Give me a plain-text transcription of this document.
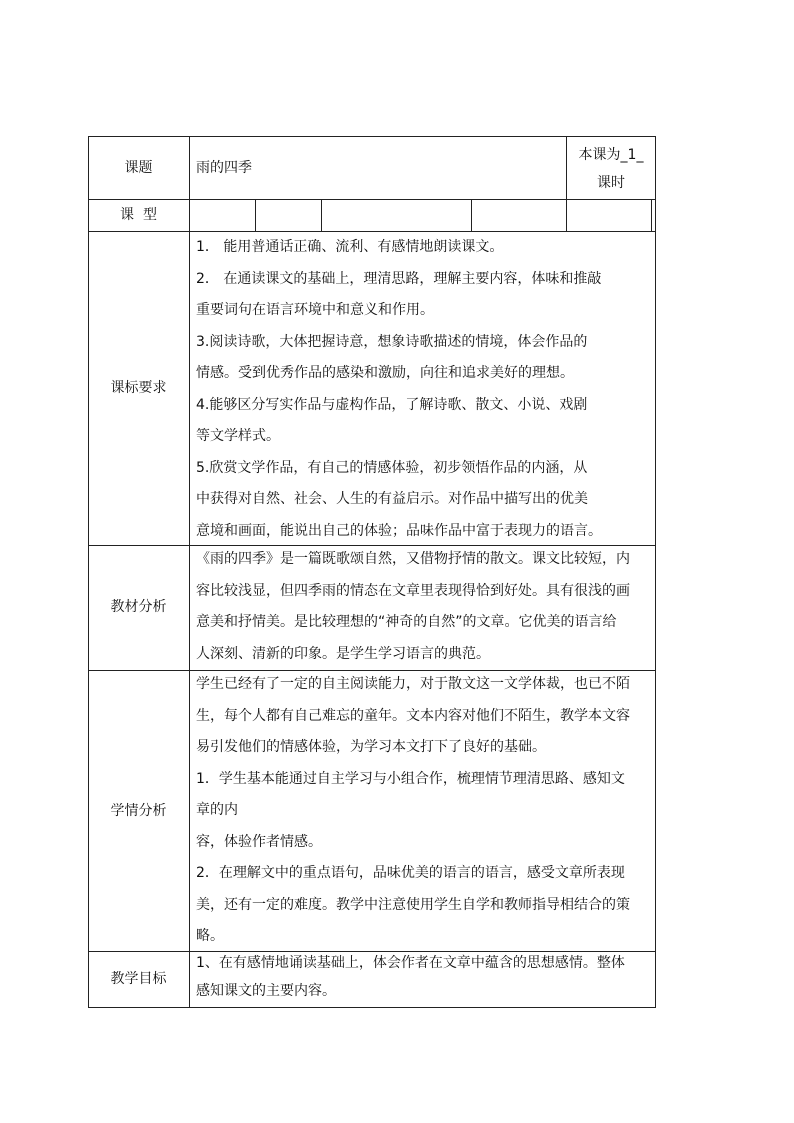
课题	雨的四季
本课为_1_
课时
课  型
课标要求
1． 能用普通话正确、流利、有感情地朗读课文。
2． 在通读课文的基础上，理清思路，理解主要内容，体味和推敲
重要词句在语言环境中和意义和作用。
3.阅读诗歌，大体把握诗意，想象诗歌描述的情境，体会作品的
情感。受到优秀作品的感染和激励，向往和追求美好的理想。
4.能够区分写实作品与虚构作品，了解诗歌、散文、小说、戏剧
等文学样式。
5.欣赏文学作品，有自己的情感体验，初步领悟作品的内涵，从
中获得对自然、社会、人生的有益启示。对作品中描写出的优美
意境和画面，能说出自己的体验；品味作品中富于表现力的语言。
教材分析
《雨的四季》是一篇既歌颂自然，又借物抒情的散文。课文比较短，内
容比较浅显，但四季雨的情态在文章里表现得恰到好处。具有很浅的画
意美和抒情美。是比较理想的“神奇的自然”的文章。它优美的语言给
人深刻、清新的印象。是学生学习语言的典范。
学情分析
学生已经有了一定的自主阅读能力，对于散文这一文学体裁，也已不陌
生，每个人都有自己难忘的童年。文本内容对他们不陌生，教学本文容
易引发他们的情感体验，为学习本文打下了良好的基础。
1．学生基本能通过自主学习与小组合作，梳理情节理清思路、感知文
章的内
容，体验作者情感。
2．在理解文中的重点语句，品味优美的语言的语言，感受文章所表现
美，还有一定的难度。教学中注意使用学生自学和教师指导相结合的策
略。
教学目标
1、在有感情地诵读基础上，体会作者在文章中蕴含的思想感情。整体
感知课文的主要内容。
